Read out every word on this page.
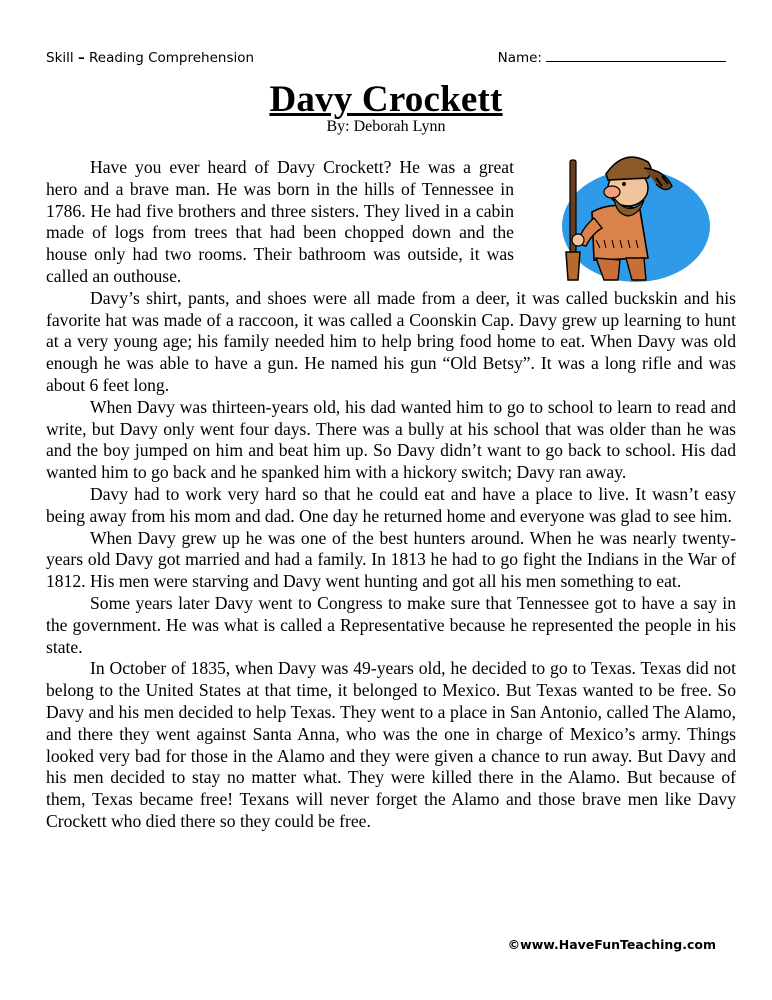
Skill – Reading Comprehension	Name:
Davy Crockett
By: Deborah Lynn

Have you ever heard of Davy Crockett? He was a great hero and a brave man. He was born in the hills of Tennessee in 1786. He had five brothers and three sisters. They lived in a cabin made of logs from trees that had been chopped down and the house only had two rooms. Their bathroom was outside, it was called an outhouse.

Davy’s shirt, pants, and shoes were all made from a deer, it was called buckskin and his favorite hat was made of a raccoon, it was called a Coonskin Cap. Davy grew up learning to hunt at a very young age; his family needed him to help bring food home to eat. When Davy was old enough he was able to have a gun. He named his gun “Old Betsy”. It was a long rifle and was about 6 feet long.

When Davy was thirteen-years old, his dad wanted him to go to school to learn to read and write, but Davy only went four days. There was a bully at his school that was older than he was and the boy jumped on him and beat him up. So Davy didn’t want to go back to school. His dad wanted him to go back and he spanked him with a hickory switch; Davy ran away.

Davy had to work very hard so that he could eat and have a place to live. It wasn’t easy being away from his mom and dad. One day he returned home and everyone was glad to see him.

When Davy grew up he was one of the best hunters around. When he was nearly twenty-years old Davy got married and had a family. In 1813 he had to go fight the Indians in the War of 1812. His men were starving and Davy went hunting and got all his men something to eat.

Some years later Davy went to Congress to make sure that Tennessee got to have a say in the government. He was what is called a Representative because he represented the people in his state.

In October of 1835, when Davy was 49-years old, he decided to go to Texas. Texas did not belong to the United States at that time, it belonged to Mexico. But Texas wanted to be free. So Davy and his men decided to help Texas. They went to a place in San Antonio, called The Alamo, and there they went against Santa Anna, who was the one in charge of Mexico’s army. Things looked very bad for those in the Alamo and they were given a chance to run away. But Davy and his men decided to stay no matter what. They were killed there in the Alamo. But because of them, Texas became free! Texans will never forget the Alamo and those brave men like Davy Crockett who died there so they could be free.

©www.HaveFunTeaching.com
